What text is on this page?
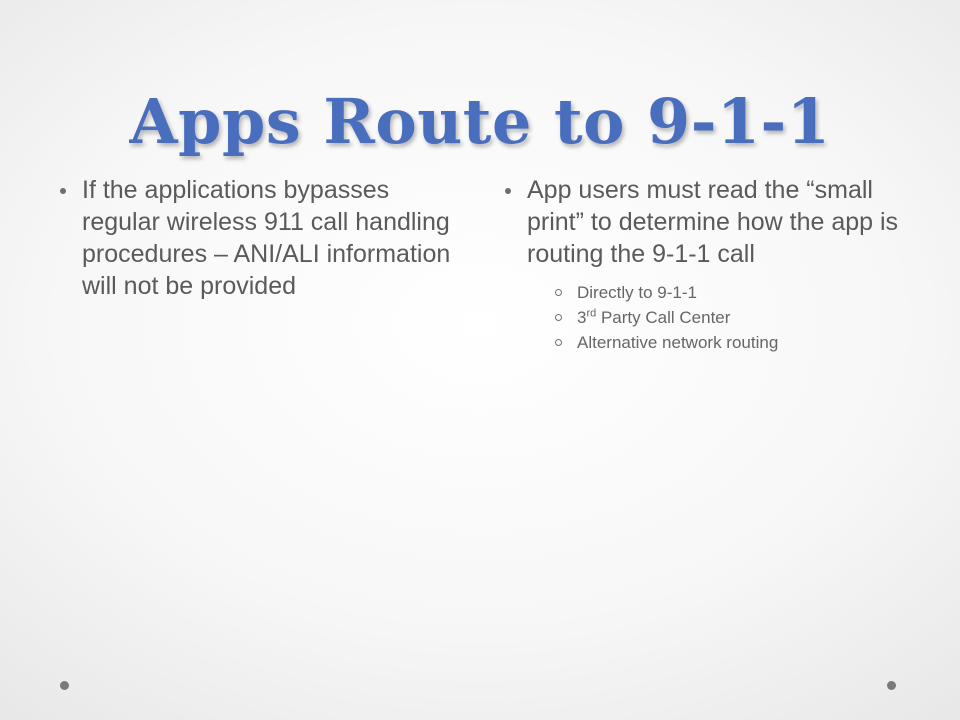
Apps Route to 9-1-1
If the applications bypasses regular wireless 911 call handling procedures – ANI/ALI information will not be provided
App users must read the “small print” to determine how the app is routing the 9-1-1 call
Directly to 9-1-1
3rd Party Call Center
Alternative network routing
